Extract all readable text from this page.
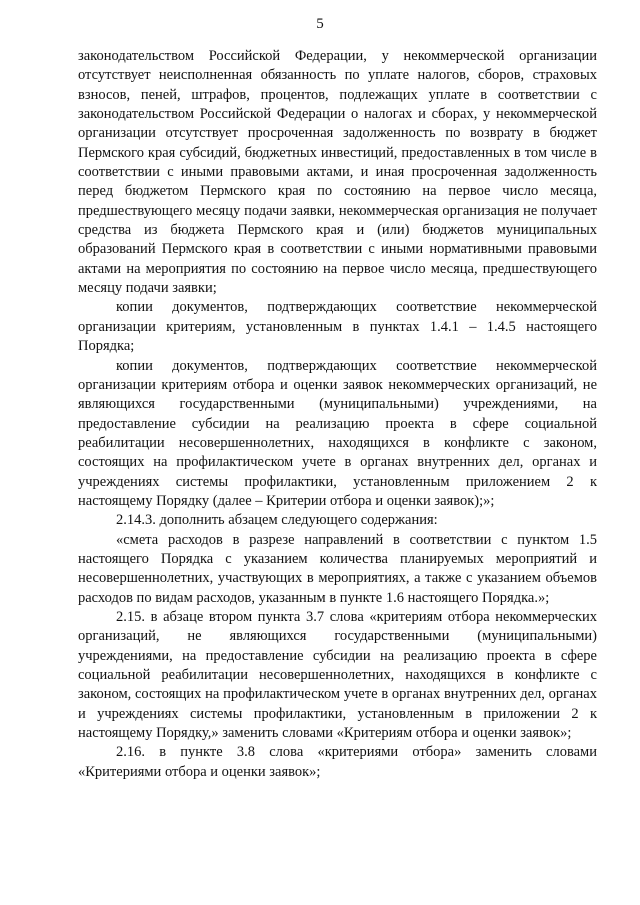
5

законодательством Российской Федерации, у некоммерческой организации отсутствует неисполненная обязанность по уплате налогов, сборов, страховых взносов, пеней, штрафов, процентов, подлежащих уплате в соответствии с законодательством Российской Федерации о налогах и сборах, у некоммерческой организации отсутствует просроченная задолженность по возврату в бюджет Пермского края субсидий, бюджетных инвестиций, предоставленных в том числе в соответствии с иными правовыми актами, и иная просроченная задолженность перед бюджетом Пермского края по состоянию на первое число месяца, предшествующего месяцу подачи заявки, некоммерческая организация не получает средства из бюджета Пермского края и (или) бюджетов муниципальных образований Пермского края в соответствии с иными нормативными правовыми актами на мероприятия по состоянию на первое число месяца, предшествующего месяцу подачи заявки;

копии документов, подтверждающих соответствие некоммерческой организации критериям, установленным в пунктах 1.4.1 – 1.4.5 настоящего Порядка;

копии документов, подтверждающих соответствие некоммерческой организации критериям отбора и оценки заявок некоммерческих организаций, не являющихся государственными (муниципальными) учреждениями, на предоставление субсидии на реализацию проекта в сфере социальной реабилитации несовершеннолетних, находящихся в конфликте с законом, состоящих на профилактическом учете в органах внутренних дел, органах и учреждениях системы профилактики, установленным приложением 2 к настоящему Порядку (далее – Критерии отбора и оценки заявок);»;

2.14.3. дополнить абзацем следующего содержания:

«смета расходов в разрезе направлений в соответствии с пунктом 1.5 настоящего Порядка с указанием количества планируемых мероприятий и несовершеннолетних, участвующих в мероприятиях, а также с указанием объемов расходов по видам расходов, указанным в пункте 1.6 настоящего Порядка.»;

2.15. в абзаце втором пункта 3.7 слова «критериям отбора некоммерческих организаций, не являющихся государственными (муниципальными) учреждениями, на предоставление субсидии на реализацию проекта в сфере социальной реабилитации несовершеннолетних, находящихся в конфликте с законом, состоящих на профилактическом учете в органах внутренних дел, органах и учреждениях системы профилактики, установленным в приложении 2 к настоящему Порядку,» заменить словами «Критериям отбора и оценки заявок»;

2.16. в пункте 3.8 слова «критериями отбора» заменить словами «Критериями отбора и оценки заявок»;
